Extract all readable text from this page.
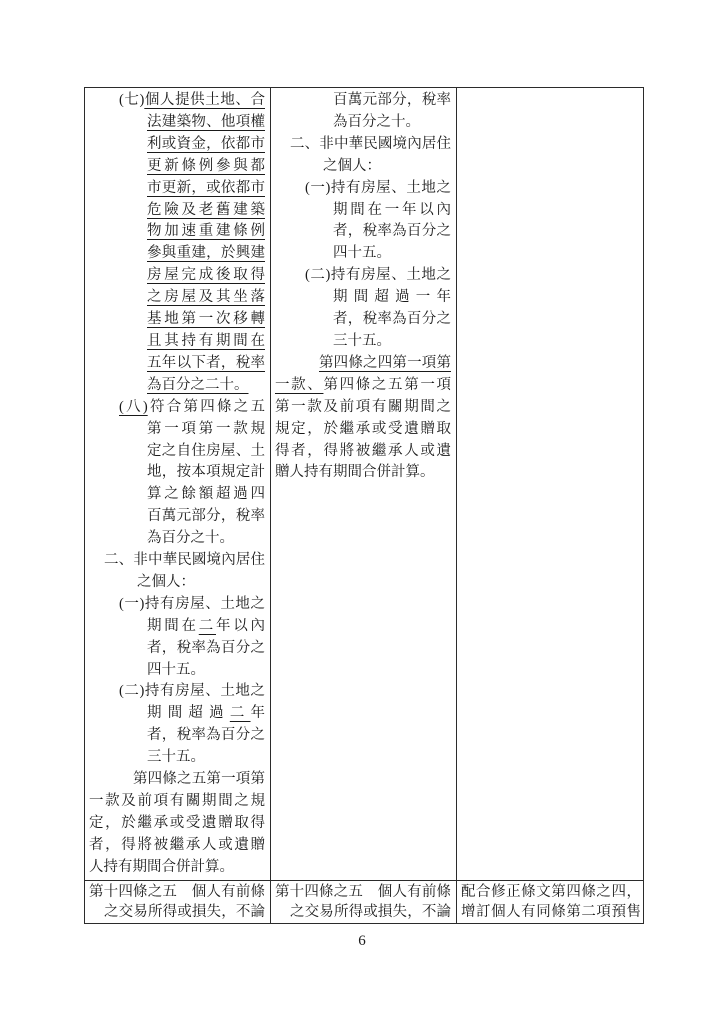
(七)個人提供土地、合
法建築物、他項權
利或資金，依都市
更新條例參與都
市更新，或依都市
危險及老舊建築
物加速重建條例
參與重建，於興建
房屋完成後取得
之房屋及其坐落
基地第一次移轉
且其持有期間在
五年以下者，稅率
為百分之二十。
(八)符合第四條之五
第一項第一款規
定之自住房屋、土
地，按本項規定計
算之餘額超過四
百萬元部分，稅率
為百分之十。
二、非中華民國境內居住
之個人：
(一)持有房屋、土地之
期間在二年以內
者，稅率為百分之
四十五。
(二)持有房屋、土地之
期間超過二年
者，稅率為百分之
三十五。
第四條之五第一項第
一款及前項有關期間之規
定，於繼承或受遺贈取得
者，得將被繼承人或遺贈
人持有期間合併計算。
百萬元部分，稅率
為百分之十。
二、非中華民國境內居住
之個人：
(一)持有房屋、土地之
期間在一年以內
者，稅率為百分之
四十五。
(二)持有房屋、土地之
期間超過一年
者，稅率為百分之
三十五。
第四條之四第一項第
一款、第四條之五第一項
第一款及前項有關期間之
規定，於繼承或受遺贈取
得者，得將被繼承人或遺
贈人持有期間合併計算。
第十四條之五　個人有前條
之交易所得或損失，不論
第十四條之五　個人有前條
之交易所得或損失，不論
配合修正條文第四條之四，
增訂個人有同條第二項預售
6
